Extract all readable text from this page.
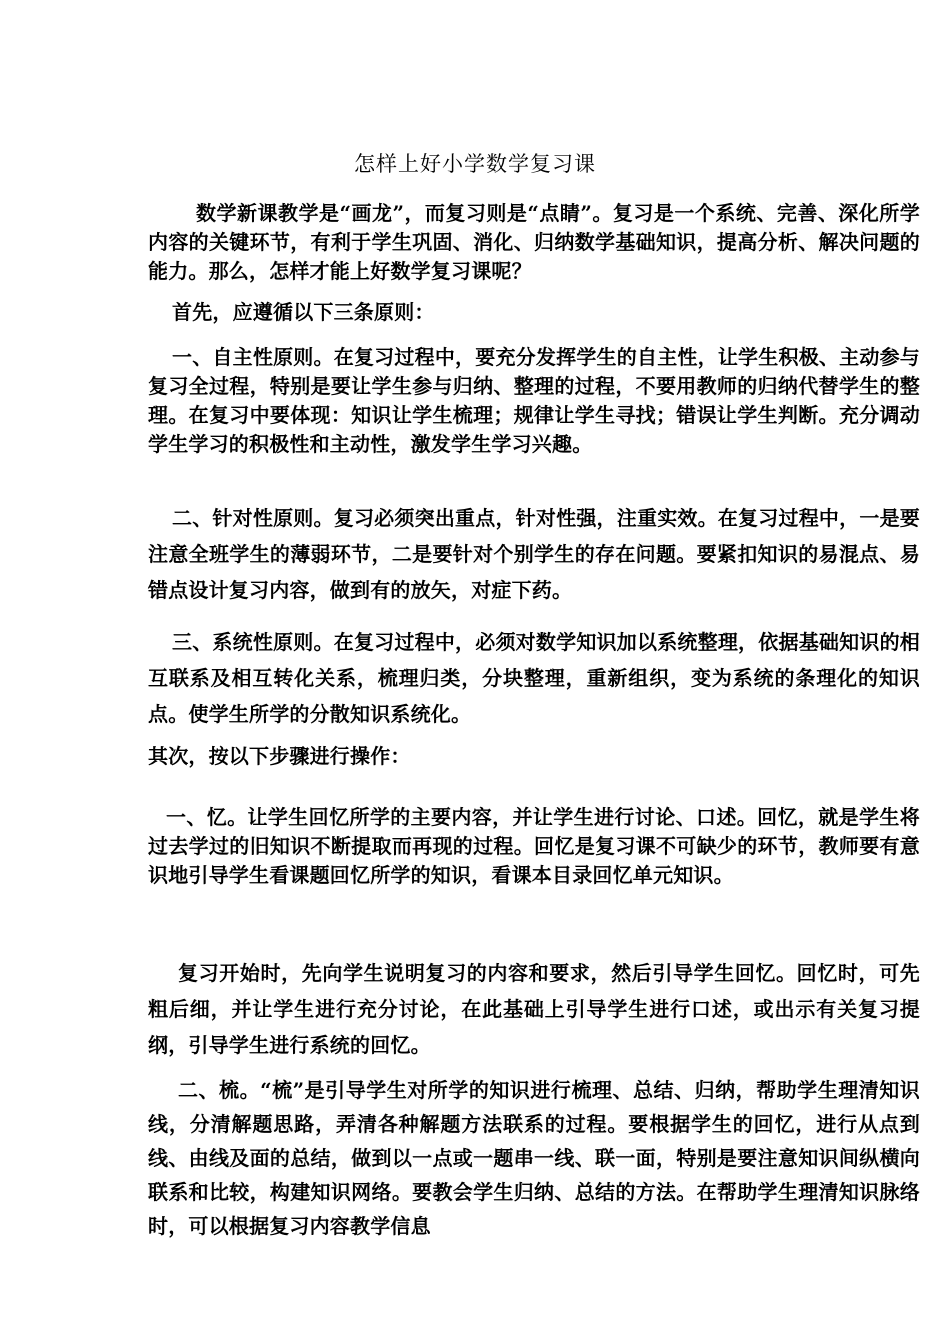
怎样上好小学数学复习课
数学新课教学是“画龙”，而复习则是“点睛”。复习是一个系统、完善、深化所学内容的关键环节，有利于学生巩固、消化、归纳数学基础知识，提高分析、解决问题的能力。那么，怎样才能上好数学复习课呢？
首先，应遵循以下三条原则：
一、自主性原则。在复习过程中，要充分发挥学生的自主性，让学生积极、主动参与复习全过程，特别是要让学生参与归纳、整理的过程，不要用教师的归纳代替学生的整理。在复习中要体现：知识让学生梳理；规律让学生寻找；错误让学生判断。充分调动学生学习的积极性和主动性，激发学生学习兴趣。
二、针对性原则。复习必须突出重点，针对性强，注重实效。在复习过程中，一是要注意全班学生的薄弱环节，二是要针对个别学生的存在问题。要紧扣知识的易混点、易错点设计复习内容，做到有的放矢，对症下药。
三、系统性原则。在复习过程中，必须对数学知识加以系统整理，依据基础知识的相互联系及相互转化关系，梳理归类，分块整理，重新组织，变为系统的条理化的知识点。使学生所学的分散知识系统化。
其次，按以下步骤进行操作：
一、忆。让学生回忆所学的主要内容，并让学生进行讨论、口述。回忆，就是学生将过去学过的旧知识不断提取而再现的过程。回忆是复习课不可缺少的环节，教师要有意识地引导学生看课题回忆所学的知识，看课本目录回忆单元知识。
复习开始时，先向学生说明复习的内容和要求，然后引导学生回忆。回忆时，可先粗后细，并让学生进行充分讨论，在此基础上引导学生进行口述，或出示有关复习提纲，引导学生进行系统的回忆。
二、梳。“梳”是引导学生对所学的知识进行梳理、总结、归纳，帮助学生理清知识线，分清解题思路，弄清各种解题方法联系的过程。要根据学生的回忆，进行从点到线、由线及面的总结，做到以一点或一题串一线、联一面，特别是要注意知识间纵横向联系和比较，构建知识网络。要教会学生归纳、总结的方法。在帮助学生理清知识脉络时，可以根据复习内容教学信息
